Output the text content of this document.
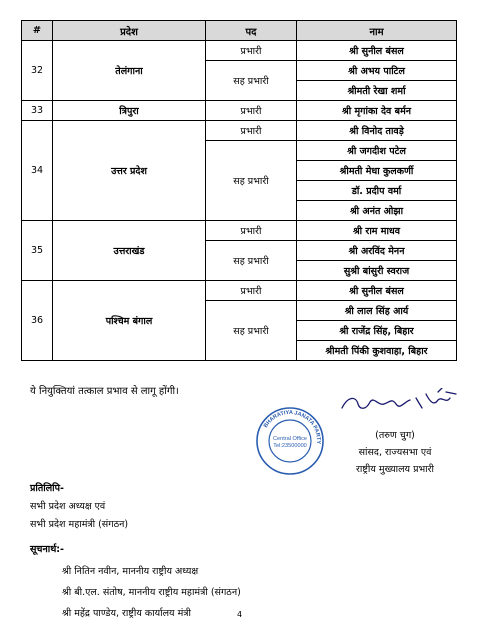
#	प्रदेश	पद	नाम
32	तेलंगाना	प्रभारी	श्री सुनील बंसल
		सह प्रभारी	श्री अभय पाटिल
			श्रीमती रेखा शर्मा
33	त्रिपुरा	प्रभारी	श्री मृगांका देव बर्मन
34	उत्तर प्रदेश	प्रभारी	श्री विनोद तावड़े
		सह प्रभारी	श्री जगदीश पटेल
			श्रीमती मेधा कुलकर्णी
			डॉ. प्रदीप वर्मा
			श्री अनंत ओझा
35	उत्तराखंड	प्रभारी	श्री राम माधव
		सह प्रभारी	श्री अरविंद मेनन
			सुश्री बांसुरी स्वराज
36	पश्चिम बंगाल	प्रभारी	श्री सुनील बंसल
		सह प्रभारी	श्री लाल सिंह आर्य
			श्री राजेंद्र सिंह, बिहार
			श्रीमती पिंकी कुशवाहा, बिहार
ये नियुक्तियां तत्काल प्रभाव से लागू होंगी।
BHARATIYA JANATA PARTY
Central Office
Tel:23500000
(तरुण चुग)
सांसद, राज्यसभा एवं
राष्ट्रीय मुख्यालय प्रभारी
प्रतिलिपि-
सभी प्रदेश अध्यक्ष एवं
सभी प्रदेश महामंत्री (संगठन)
सूचनार्थ:-
श्री नितिन नवीन, माननीय राष्ट्रीय अध्यक्ष
श्री बी.एल. संतोष, माननीय राष्ट्रीय महामंत्री (संगठन)
श्री महेंद्र पाण्डेय, राष्ट्रीय कार्यालय मंत्री	4
